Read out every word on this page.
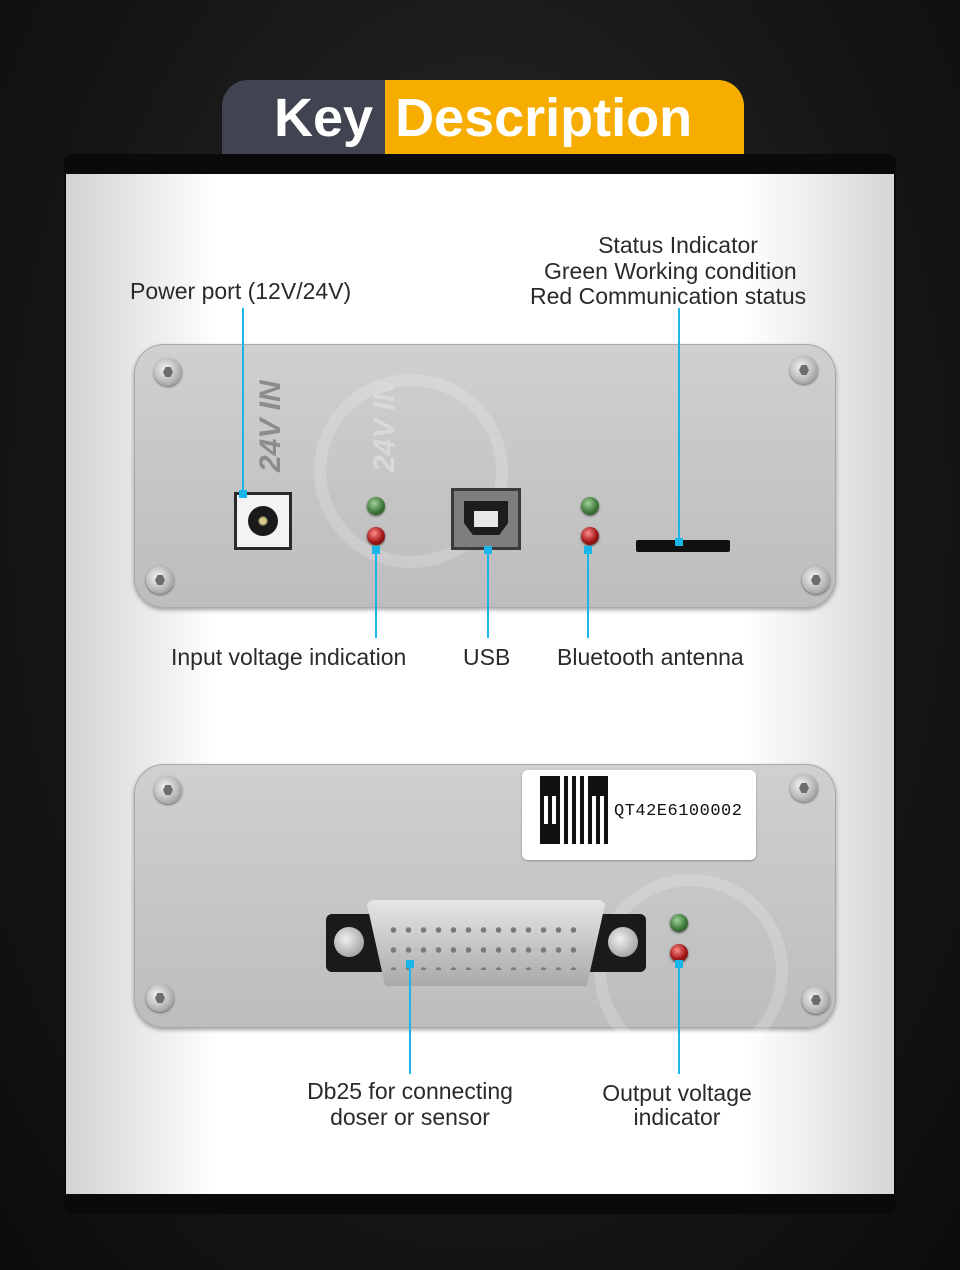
Key Description
24V IN	24V IN
Power port (12V/24V)
Status Indicator
Green Working condition
Red Communication status
Input voltage indication USB Bluetooth antenna
QT42E6100002
Db25 for connecting
doser or sensor
Output voltage
indicator
